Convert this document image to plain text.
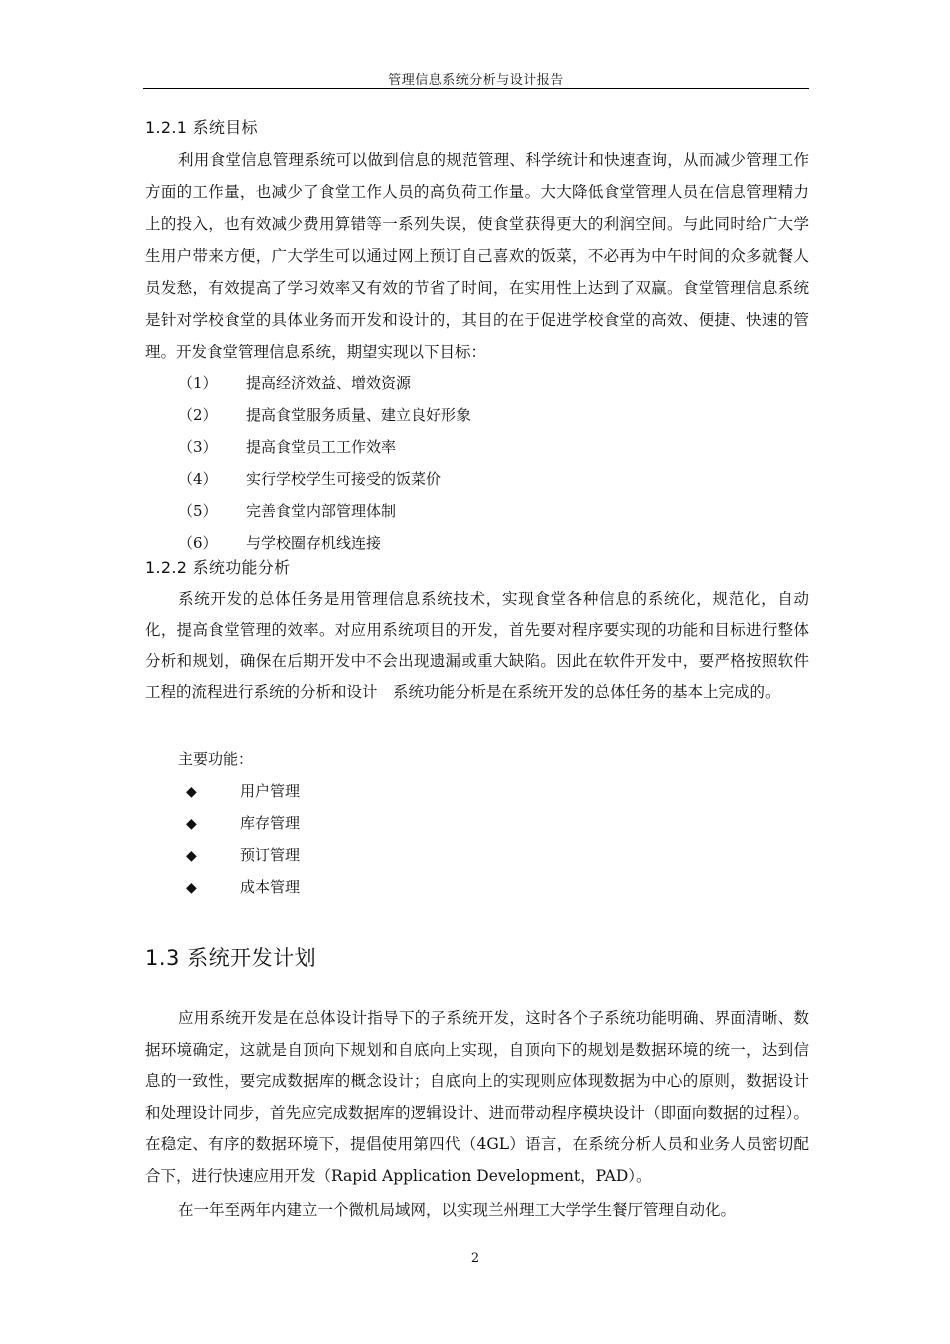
管理信息系统分析与设计报告
1.2.1 系统目标

利用食堂信息管理系统可以做到信息的规范管理、科学统计和快速查询，从而减少管理工作方面的工作量，也减少了食堂工作人员的高负荷工作量。大大降低食堂管理人员在信息管理精力上的投入，也有效减少费用算错等一系列失误，使食堂获得更大的利润空间。与此同时给广大学生用户带来方便，广大学生可以通过网上预订自己喜欢的饭菜，不必再为中午时间的众多就餐人员发愁，有效提高了学习效率又有效的节省了时间，在实用性上达到了双赢。食堂管理信息系统是针对学校食堂的具体业务而开发和设计的，其目的在于促进学校食堂的高效、便捷、快速的管理。开发食堂管理信息系统，期望实现以下目标：

（1） 提高经济效益、增效资源
（2） 提高食堂服务质量、建立良好形象
（3） 提高食堂员工工作效率
（4） 实行学校学生可接受的饭菜价
（5） 完善食堂内部管理体制
（6） 与学校圈存机线连接
1.2.2 系统功能分析

系统开发的总体任务是用管理信息系统技术，实现食堂各种信息的系统化，规范化，自动化，提高食堂管理的效率。对应用系统项目的开发，首先要对程序要实现的功能和目标进行整体分析和规划，确保在后期开发中不会出现遗漏或重大缺陷。因此在软件开发中，要严格按照软件工程的流程进行系统的分析和设计　系统功能分析是在系统开发的总体任务的基本上完成的。

主要功能：
◆	用户管理
◆	库存管理
◆	预订管理
◆	成本管理
1.3 系统开发计划

应用系统开发是在总体设计指导下的子系统开发，这时各个子系统功能明确、界面清晰、数据环境确定，这就是自顶向下规划和自底向上实现，自顶向下的规划是数据环境的统一，达到信息的一致性，要完成数据库的概念设计；自底向上的实现则应体现数据为中心的原则，数据设计和处理设计同步，首先应完成数据库的逻辑设计、进而带动程序模块设计（即面向数据的过程）。在稳定、有序的数据环境下，提倡使用第四代（4GL）语言，在系统分析人员和业务人员密切配合下，进行快速应用开发（Rapid Application Development，PAD）。

在一年至两年内建立一个微机局域网，以实现兰州理工大学学生餐厅管理自动化。

2
